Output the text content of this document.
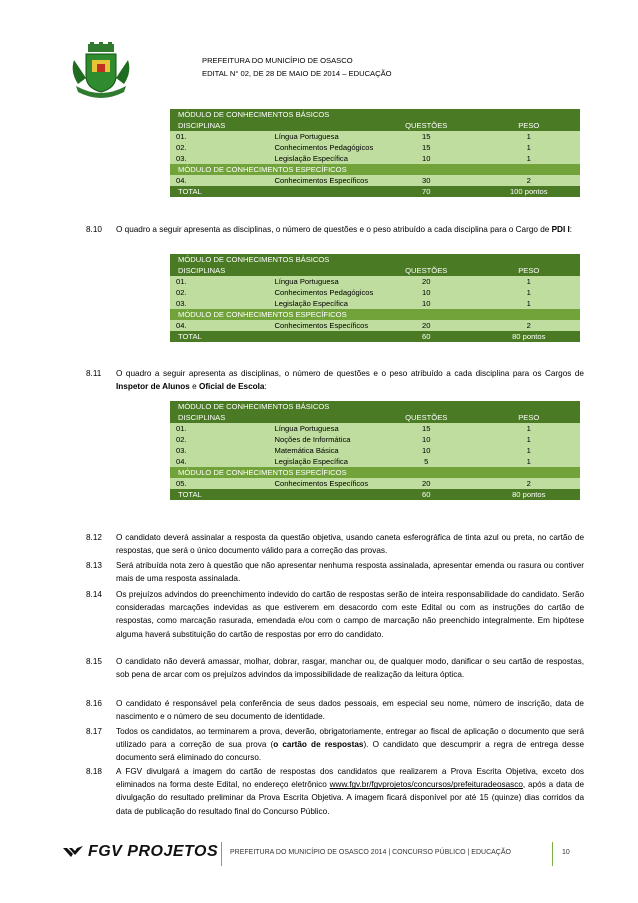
PREFEITURA DO MUNICÍPIO DE OSASCO
EDITAL N° 02, DE 28 DE MAIO DE 2014 – EDUCAÇÃO
MÓDULO DE CONHECIMENTOS BÁSICOS			
DISCIPLINAS		QUESTÕES	PESO
01.	Língua Portuguesa	15	1
02.	Conhecimentos Pedagógicos	15	1
03.	Legislação Específica	10	1
MÓDULO DE CONHECIMENTOS ESPECÍFICOS			
04.	Conhecimentos Específicos	30	2
TOTAL		70	100 pontos
8.10	O quadro a seguir apresenta as disciplinas, o número de questões e o peso atribuído a cada disciplina para o Cargo de PDI I:
MÓDULO DE CONHECIMENTOS BÁSICOS			
DISCIPLINAS		QUESTÕES	PESO
01.	Língua Portuguesa	20	1
02.	Conhecimentos Pedagógicos	10	1
03.	Legislação Específica	10	1
MÓDULO DE CONHECIMENTOS ESPECÍFICOS			
04.	Conhecimentos Específicos	20	2
TOTAL		60	80 pontos
8.11	O quadro a seguir apresenta as disciplinas, o número de questões e o peso atribuído a cada disciplina para os Cargos de Inspetor de Alunos e Oficial de Escola:
MÓDULO DE CONHECIMENTOS BÁSICOS			
DISCIPLINAS		QUESTÕES	PESO
01.	Língua Portuguesa	15	1
02.	Noções de Informática	10	1
03.	Matemática Básica	10	1
04.	Legislação Específica	5	1
MÓDULO DE CONHECIMENTOS ESPECÍFICOS			
05.	Conhecimentos Específicos	20	2
TOTAL		60	80 pontos
8.12	O candidato deverá assinalar a resposta da questão objetiva, usando caneta esferográfica de tinta azul ou preta, no cartão de respostas, que será o único documento válido para a correção das provas.
8.13	Será atribuída nota zero à questão que não apresentar nenhuma resposta assinalada, apresentar emenda ou rasura ou contiver mais de uma resposta assinalada.
8.14	Os prejuízos advindos do preenchimento indevido do cartão de respostas serão de inteira responsabilidade do candidato. Serão consideradas marcações indevidas as que estiverem em desacordo com este Edital ou com as instruções do cartão de respostas, como marcação rasurada, emendada e/ou com o campo de marcação não preenchido integralmente. Em hipótese alguma haverá substituição do cartão de respostas por erro do candidato.
8.15	O candidato não deverá amassar, molhar, dobrar, rasgar, manchar ou, de qualquer modo, danificar o seu cartão de respostas, sob pena de arcar com os prejuízos advindos da impossibilidade de realização da leitura óptica.
8.16	O candidato é responsável pela conferência de seus dados pessoais, em especial seu nome, número de inscrição, data de nascimento e o número de seu documento de identidade.
8.17	Todos os candidatos, ao terminarem a prova, deverão, obrigatoriamente, entregar ao fiscal de aplicação o documento que será utilizado para a correção de sua prova (o cartão de respostas). O candidato que descumprir a regra de entrega desse documento será eliminado do concurso.
8.18	A FGV divulgará a imagem do cartão de respostas dos candidatos que realizarem a Prova Escrita Objetiva, exceto dos eliminados na forma deste Edital, no endereço eletrônico www.fgv.br/fgvprojetos/concursos/prefeituradeosasco, após a data de divulgação do resultado preliminar da Prova Escrita Objetiva. A imagem ficará disponível por até 15 (quinze) dias corridos da data de publicação do resultado final do Concurso Público.
FGV PROJETOS PREFEITURA DO MUNICÍPIO DE OSASCO 2014 | CONCURSO PÚBLICO | EDUCAÇÃO	10
